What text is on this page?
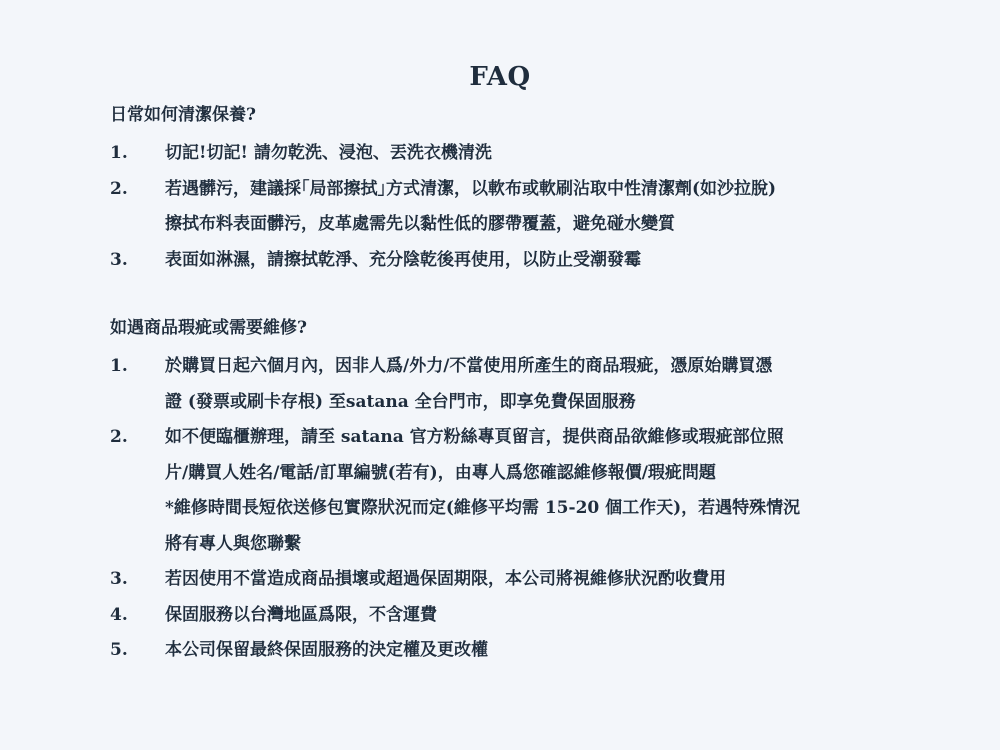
FAQ
日常如何清潔保養?
1.	切記!切記! 請勿乾洗、浸泡、丟洗衣機清洗
2.	若遇髒污，建議採｢局部擦拭｣方式清潔，以軟布或軟刷沾取中性清潔劑(如沙拉脫)
擦拭布料表面髒污，皮革處需先以黏性低的膠帶覆蓋，避免碰水變質
3.	表面如淋濕，請擦拭乾淨、充分陰乾後再使用，以防止受潮發霉
如遇商品瑕疵或需要維修?
1.	於購買日起六個月內，因非人爲/外力/不當使用所產生的商品瑕疵，憑原始購買憑
證 (發票或刷卡存根) 至satana 全台門市，即享免費保固服務
2.	如不便臨櫃辦理，請至 satana 官方粉絲專頁留言，提供商品欲維修或瑕疵部位照
片/購買人姓名/電話/訂單編號(若有)，由專人爲您確認維修報價/瑕疵問題
*維修時間長短依送修包實際狀況而定(維修平均需 15-20 個工作天)，若遇特殊情況
將有專人與您聯繫
3.	若因使用不當造成商品損壞或超過保固期限，本公司將視維修狀況酌收費用
4.	保固服務以台灣地區爲限，不含運費
5.	本公司保留最終保固服務的決定權及更改權
